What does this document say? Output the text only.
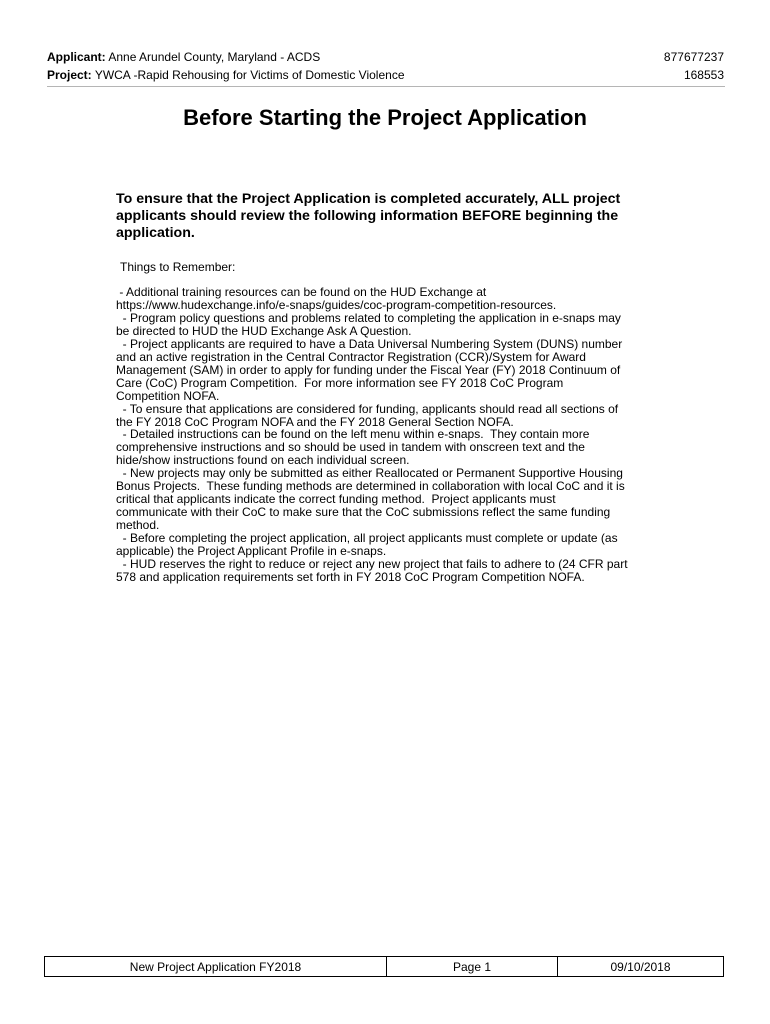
Applicant: Anne Arundel County, Maryland - ACDS	877677237
Project: YWCA -Rapid Rehousing for Victims of Domestic Violence	168553
Before Starting the Project Application

To ensure that the Project Application is completed accurately, ALL project applicants should review the following information BEFORE beginning the application.

Things to Remember:

- Additional training resources can be found on the HUD Exchange at
https://www.hudexchange.info/e-snaps/guides/coc-program-competition-resources.
- Program policy questions and problems related to completing the application in e-snaps may
be directed to HUD the HUD Exchange Ask A Question.
- Project applicants are required to have a Data Universal Numbering System (DUNS) number
and an active registration in the Central Contractor Registration (CCR)/System for Award
Management (SAM) in order to apply for funding under the Fiscal Year (FY) 2018 Continuum of
Care (CoC) Program Competition.  For more information see FY 2018 CoC Program
Competition NOFA.
- To ensure that applications are considered for funding, applicants should read all sections of
the FY 2018 CoC Program NOFA and the FY 2018 General Section NOFA.
- Detailed instructions can be found on the left menu within e-snaps.  They contain more
comprehensive instructions and so should be used in tandem with onscreen text and the
hide/show instructions found on each individual screen.
- New projects may only be submitted as either Reallocated or Permanent Supportive Housing
Bonus Projects.  These funding methods are determined in collaboration with local CoC and it is
critical that applicants indicate the correct funding method.  Project applicants must
communicate with their CoC to make sure that the CoC submissions reflect the same funding
method.
- Before completing the project application, all project applicants must complete or update (as
applicable) the Project Applicant Profile in e-snaps.
- HUD reserves the right to reduce or reject any new project that fails to adhere to (24 CFR part
578 and application requirements set forth in FY 2018 CoC Program Competition NOFA.

New Project Application FY2018	Page 1	09/10/2018
